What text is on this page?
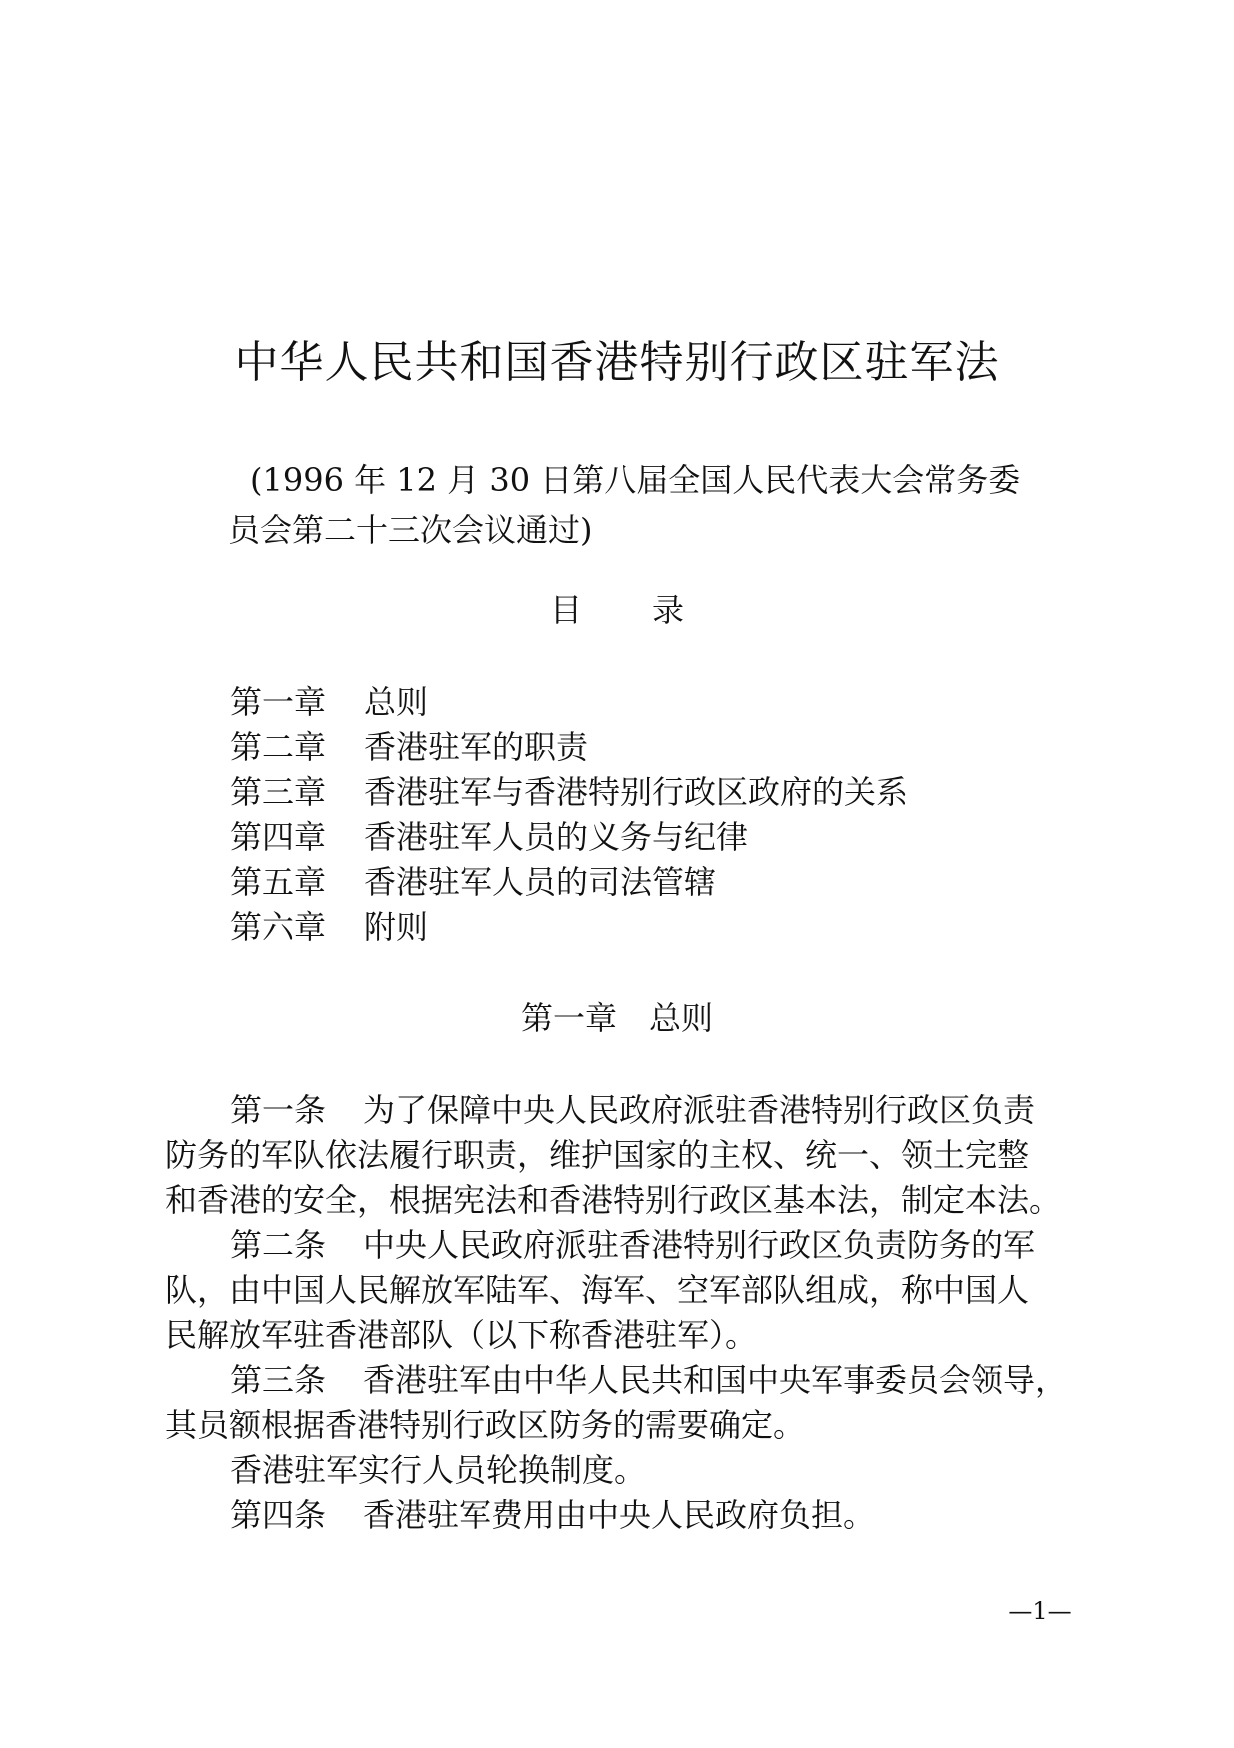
中华人民共和国香港特别行政区驻军法
(1996 年 12 月 30 日第八届全国人民代表大会常务委
员会第二十三次会议通过)
目 录
第一章 总则
第二章 香港驻军的职责
第三章 香港驻军与香港特别行政区政府的关系
第四章 香港驻军人员的义务与纪律
第五章 香港驻军人员的司法管辖
第六章 附则
第一章 总则
第一条 为了保障中央人民政府派驻香港特别行政区负责
防务的军队依法履行职责，维护国家的主权、统一、领土完整
和香港的安全，根据宪法和香港特别行政区基本法，制定本法。
第二条 中央人民政府派驻香港特别行政区负责防务的军
队，由中国人民解放军陆军、海军、空军部队组成，称中国人
民解放军驻香港部队（以下称香港驻军）。
第三条 香港驻军由中华人民共和国中央军事委员会领导，
其员额根据香港特别行政区防务的需要确定。
香港驻军实行人员轮换制度。
第四条 香港驻军费用由中央人民政府负担。
—1—
